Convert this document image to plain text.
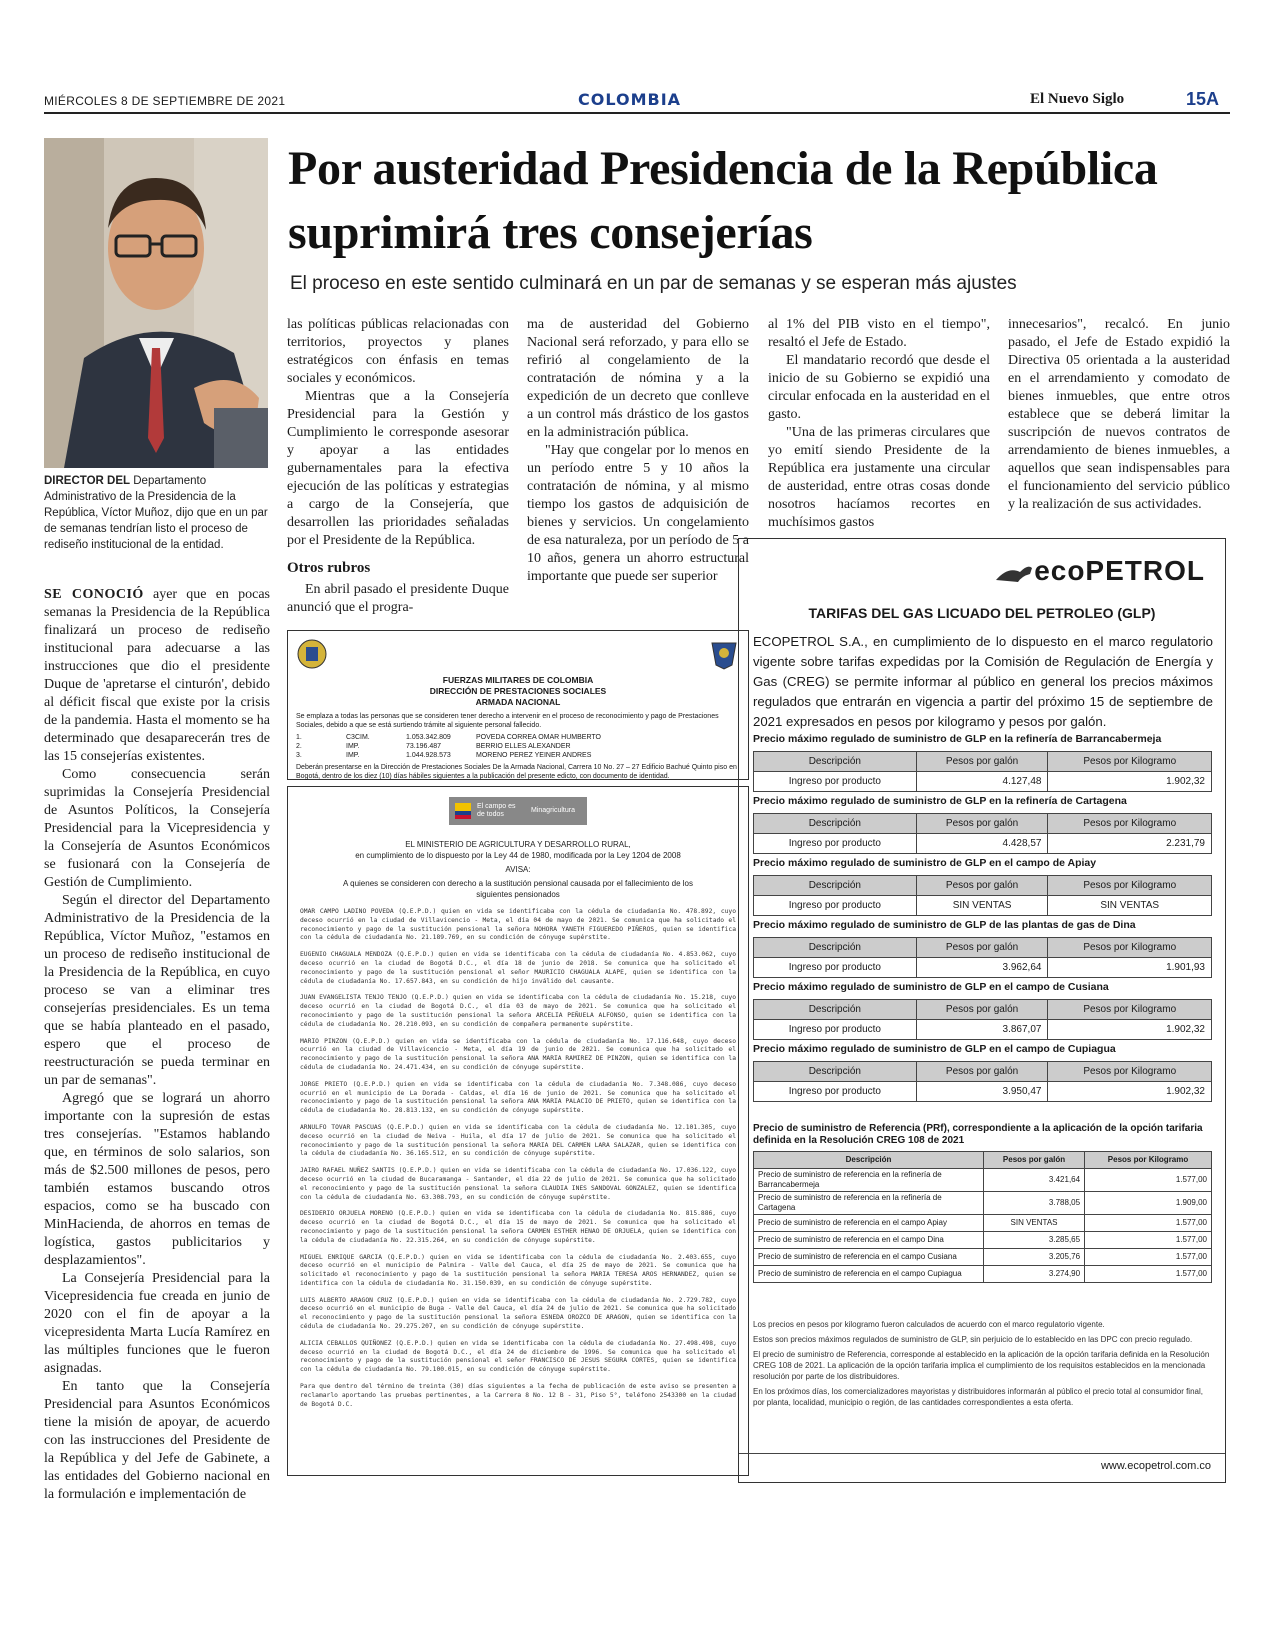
MIÉRCOLES 8 DE SEPTIEMBRE DE 2021	COLOMBIA	El Nuevo Siglo	15A
DIRECTOR DEL Departamento Administrativo de la Presidencia de la República, Víctor Muñoz, dijo que en un par de semanas tendrían listo el proceso de rediseño institucional de la entidad.
Por austeridad Presidencia de la República suprimirá tres consejerías
El proceso en este sentido culminará en un par de semanas y se esperan más ajustes

SE CONOCIÓ ayer que en pocas semanas la Presidencia de la República finalizará un proceso de rediseño institucional para adecuarse a las instrucciones que dio el presidente Duque de 'apretarse el cinturón', debido al déficit fiscal que existe por la crisis de la pandemia. Hasta el momento se ha determinado que desaparecerán tres de las 15 consejerías existentes.

Como consecuencia serán suprimidas la Consejería Presidencial de Asuntos Políticos, la Consejería Presidencial para la Vicepresidencia y la Consejería de Asuntos Económicos se fusionará con la Consejería de Gestión de Cumplimiento.

Según el director del Departamento Administrativo de la Presidencia de la República, Víctor Muñoz, "estamos en un proceso de rediseño institucional de la Presidencia de la República, en cuyo proceso se van a eliminar tres consejerías presidenciales. Es un tema que se había planteado en el pasado, espero que el proceso de reestructuración se pueda terminar en un par de semanas".

Agregó que se logrará un ahorro importante con la supresión de estas tres consejerías. "Estamos hablando que, en términos de solo salarios, son más de $2.500 millones de pesos, pero también estamos buscando otros espacios, como se ha buscado con MinHacienda, de ahorros en temas de logística, gastos publicitarios y desplazamientos".

La Consejería Presidencial para la Vicepresidencia fue creada en junio de 2020 con el fin de apoyar a la vicepresidenta Marta Lucía Ramírez en las múltiples funciones que le fueron asignadas.

En tanto que la Consejería Presidencial para Asuntos Económicos tiene la misión de apoyar, de acuerdo con las instrucciones del Presidente de la República y del Jefe de Gabinete, a las entidades del Gobierno nacional en la formulación e implementación de

las políticas públicas relacionadas con territorios, proyectos y planes estratégicos con énfasis en temas sociales y económicos.

Mientras que a la Consejería Presidencial para la Gestión y Cumplimiento le corresponde asesorar y apoyar a las entidades gubernamentales para la efectiva ejecución de las políticas y estrategias a cargo de la Consejería, que desarrollen las prioridades señaladas por el Presidente de la República.

Otros rubros

En abril pasado el presidente Duque anunció que el progra-

ma de austeridad del Gobierno Nacional será reforzado, y para ello se refirió al congelamiento de la contratación de nómina y a la expedición de un decreto que conlleve a un control más drástico de los gastos en la administración pública.

"Hay que congelar por lo menos en un período entre 5 y 10 años la contratación de nómina, y al mismo tiempo los gastos de adquisición de bienes y servicios. Un congelamiento de esa naturaleza, por un período de 5 a 10 años, genera un ahorro estructural importante que puede ser superior

al 1% del PIB visto en el tiempo", resaltó el Jefe de Estado.

El mandatario recordó que desde el inicio de su Gobierno se expidió una circular enfocada en la austeridad en el gasto.

"Una de las primeras circulares que yo emití siendo Presidente de la República era justamente una circular de austeridad, entre otras cosas donde nosotros hacíamos recortes en muchísimos gastos

innecesarios", recalcó. En junio pasado, el Jefe de Estado expidió la Directiva 05 orientada a la austeridad en el arrendamiento y comodato de bienes inmuebles, que entre otros establece que se deberá limitar la suscripción de nuevos contratos de arrendamiento de bienes inmuebles, a aquellos que sean indispensables para el funcionamiento del servicio público y la realización de sus actividades.

FUERZAS MILITARES DE COLOMBIA
DIRECCIÓN DE PRESTACIONES SOCIALES
ARMADA NACIONAL
Se emplaza a todas las personas que se consideren tener derecho a intervenir en el proceso de reconocimiento y pago de Prestaciones Sociales, debido a que se está surtiendo trámite al siguiente personal fallecido.
1.	C3CIM.	1.053.342.809	POVEDA CORREA OMAR HUMBERTO
2.	IMP.	73.196.487	BERRIO ELLES ALEXANDER
3.	IMP.	1.044.928.573	MORENO PEREZ YEINER ANDRES
Deberán presentarse en la Dirección de Prestaciones Sociales De la Armada Nacional, Carrera 10 No. 27 – 27 Edificio Bachué Quinto piso en Bogotá, dentro de los diez (10) días hábiles siguientes a la publicación del presente edicto, con documento de identidad.
El campo es de todos
Minagricultura
EL MINISTERIO DE AGRICULTURA Y DESARROLLO RURAL,
en cumplimiento de lo dispuesto por la Ley 44 de 1980, modificada por la Ley 1204 de 2008
AVISA:
A quienes se consideren con derecho a la sustitución pensional causada por el fallecimiento de los siguientes pensionados
OMAR CAMPO LADINO POVEDA (Q.E.P.D.) quien en vida se identificaba con la cédula de ciudadanía No. 478.892, cuyo deceso ocurrió en la ciudad de Villavicencio - Meta, el día 04 de mayo de 2021. Se comunica que ha solicitado el reconocimiento y pago de la sustitución pensional la señora NOHORA YANETH FIGUEREDO PIÑEROS, quien se identifica con la cédula de ciudadanía No. 21.189.769, en su condición de cónyuge supérstite.
EUGENIO CHAGUALA MENDOZA (Q.E.P.D.) quien en vida se identificaba con la cédula de ciudadanía No. 4.853.062, cuyo deceso ocurrió en la ciudad de Bogotá D.C., el día 18 de junio de 2018. Se comunica que ha solicitado el reconocimiento y pago de la sustitución pensional el señor MAURICIO CHAGUALA ALAPE, quien se identifica con la cédula de ciudadanía No. 17.657.843, en su condición de hijo inválido del causante.
JUAN EVANGELISTA TENJO TENJO (Q.E.P.D.) quien en vida se identificaba con la cédula de ciudadanía No. 15.218, cuyo deceso ocurrió en la ciudad de Bogotá D.C., el día 03 de mayo de 2021. Se comunica que ha solicitado el reconocimiento y pago de la sustitución pensional la señora ARCELIA PEÑUELA ALFONSO, quien se identifica con la cédula de ciudadanía No. 20.210.093, en su condición de compañera permanente supérstite.
MARIO PINZON (Q.E.P.D.) quien en vida se identificaba con la cédula de ciudadanía No. 17.116.648, cuyo deceso ocurrió en la ciudad de Villavicencio - Meta, el día 19 de junio de 2021. Se comunica que ha solicitado el reconocimiento y pago de la sustitución pensional la señora ANA MARIA RAMIREZ DE PINZON, quien se identifica con la cédula de ciudadanía No. 24.471.434, en su condición de cónyuge supérstite.
JORGE PRIETO (Q.E.P.D.) quien en vida se identificaba con la cédula de ciudadanía No. 7.348.086, cuyo deceso ocurrió en el municipio de La Dorada - Caldas, el día 16 de junio de 2021. Se comunica que ha solicitado el reconocimiento y pago de la sustitución pensional la señora ANA MARIA PALACIO DE PRIETO, quien se identifica con la cédula de ciudadanía No. 28.813.132, en su condición de cónyuge supérstite.
ARNULFO TOVAR PASCUAS (Q.E.P.D.) quien en vida se identificaba con la cédula de ciudadanía No. 12.101.305, cuyo deceso ocurrió en la ciudad de Neiva - Huila, el día 17 de julio de 2021. Se comunica que ha solicitado el reconocimiento y pago de la sustitución pensional la señora MARIA DEL CARMEN LARA SALAZAR, quien se identifica con la cédula de ciudadanía No. 36.165.512, en su condición de cónyuge supérstite.
JAIRO RAFAEL NUÑEZ SANTIS (Q.E.P.D.) quien en vida se identificaba con la cédula de ciudadanía No. 17.036.122, cuyo deceso ocurrió en la ciudad de Bucaramanga - Santander, el día 22 de julio de 2021. Se comunica que ha solicitado el reconocimiento y pago de la sustitución pensional la señora CLAUDIA INES SANDOVAL GONZALEZ, quien se identifica con la cédula de ciudadanía No. 63.308.793, en su condición de cónyuge supérstite.
DESIDERIO ORJUELA MORENO (Q.E.P.D.) quien en vida se identificaba con la cédula de ciudadanía No. 815.886, cuyo deceso ocurrió en la ciudad de Bogotá D.C., el día 15 de mayo de 2021. Se comunica que ha solicitado el reconocimiento y pago de la sustitución pensional la señora CARMEN ESTHER HENAO DE ORJUELA, quien se identifica con la cédula de ciudadanía No. 22.315.264, en su condición de cónyuge supérstite.
MIGUEL ENRIQUE GARCIA (Q.E.P.D.) quien en vida se identificaba con la cédula de ciudadanía No. 2.403.655, cuyo deceso ocurrió en el municipio de Palmira - Valle del Cauca, el día 25 de mayo de 2021. Se comunica que ha solicitado el reconocimiento y pago de la sustitución pensional la señora MARIA TERESA AROS HERNANDEZ, quien se identifica con la cédula de ciudadanía No. 31.150.039, en su condición de cónyuge supérstite.
LUIS ALBERTO ARAGON CRUZ (Q.E.P.D.) quien en vida se identificaba con la cédula de ciudadanía No. 2.729.782, cuyo deceso ocurrió en el municipio de Buga - Valle del Cauca, el día 24 de julio de 2021. Se comunica que ha solicitado el reconocimiento y pago de la sustitución pensional la señora ESNEDA OROZCO DE ARAGON, quien se identifica con la cédula de ciudadanía No. 29.275.207, en su condición de cónyuge supérstite.
ALICIA CEBALLOS QUIÑONEZ (Q.E.P.D.) quien en vida se identificaba con la cédula de ciudadanía No. 27.498.498, cuyo deceso ocurrió en la ciudad de Bogotá D.C., el día 24 de diciembre de 1996. Se comunica que ha solicitado el reconocimiento y pago de la sustitución pensional el señor FRANCISCO DE JESUS SEGURA CORTES, quien se identifica con la cédula de ciudadanía No. 79.100.015, en su condición de cónyuge supérstite.
Para que dentro del término de treinta (30) días siguientes a la fecha de publicación de este aviso se presenten a reclamarlo aportando las pruebas pertinentes, a la Carrera 8 No. 12 B - 31, Piso 5°, teléfono 2543300 en la ciudad de Bogotá D.C.
ecoPETROL
TARIFAS DEL GAS LICUADO DEL PETROLEO (GLP)
ECOPETROL S.A., en cumplimiento de lo dispuesto en el marco regulatorio vigente sobre tarifas expedidas por la Comisión de Regulación de Energía y Gas (CREG) se permite informar al público en general los precios máximos regulados que entrarán en vigencia a partir del próximo 15 de septiembre de 2021 expresados en pesos por kilogramo y pesos por galón.
Precio máximo regulado de suministro de GLP en la refinería de Barrancabermeja
Descripción	Pesos por galón	Pesos por Kilogramo
Ingreso por producto	4.127,48	1.902,32
Precio máximo regulado de suministro de GLP en la refinería de Cartagena
Descripción	Pesos por galón	Pesos por Kilogramo
Ingreso por producto	4.428,57	2.231,79
Precio máximo regulado de suministro de GLP en el campo de Apiay
Descripción	Pesos por galón	Pesos por Kilogramo
Ingreso por producto	SIN VENTAS	SIN VENTAS
Precio máximo regulado de suministro de GLP de las plantas de gas de Dina
Descripción	Pesos por galón	Pesos por Kilogramo
Ingreso por producto	3.962,64	1.901,93
Precio máximo regulado de suministro de GLP en el campo de Cusiana
Descripción	Pesos por galón	Pesos por Kilogramo
Ingreso por producto	3.867,07	1.902,32
Precio máximo regulado de suministro de GLP en el campo de Cupiagua
Descripción	Pesos por galón	Pesos por Kilogramo
Ingreso por producto	3.950,47	1.902,32
Precio de suministro de Referencia (PRf), correspondiente a la aplicación de la opción tarifaria definida en la Resolución CREG 108 de 2021
Descripción	Pesos por galón	Pesos por Kilogramo
Precio de suministro de referencia en la refinería de Barrancabermeja	3.421,64	1.577,00
Precio de suministro de referencia en la refinería de Cartagena	3.788,05	1.909,00
Precio de suministro de referencia en el campo Apiay	SIN VENTAS	1.577,00
Precio de suministro de referencia en el campo Dina	3.285,65	1.577,00
Precio de suministro de referencia en el campo Cusiana	3.205,76	1.577,00
Precio de suministro de referencia en el campo Cupiagua	3.274,90	1.577,00

Los precios en pesos por kilogramo fueron calculados de acuerdo con el marco regulatorio vigente.

Estos son precios máximos regulados de suministro de GLP, sin perjuicio de lo establecido en las DPC con precio regulado.

El precio de suministro de Referencia, corresponde al establecido en la aplicación de la opción tarifaria definida en la Resolución CREG 108 de 2021. La aplicación de la opción tarifaria implica el cumplimiento de los requisitos establecidos en la mencionada resolución por parte de los distribuidores.

En los próximos días, los comercializadores mayoristas y distribuidores informarán al público el precio total al consumidor final, por planta, localidad, municipio o región, de las cantidades correspondientes a esta oferta.

www.ecopetrol.com.co
